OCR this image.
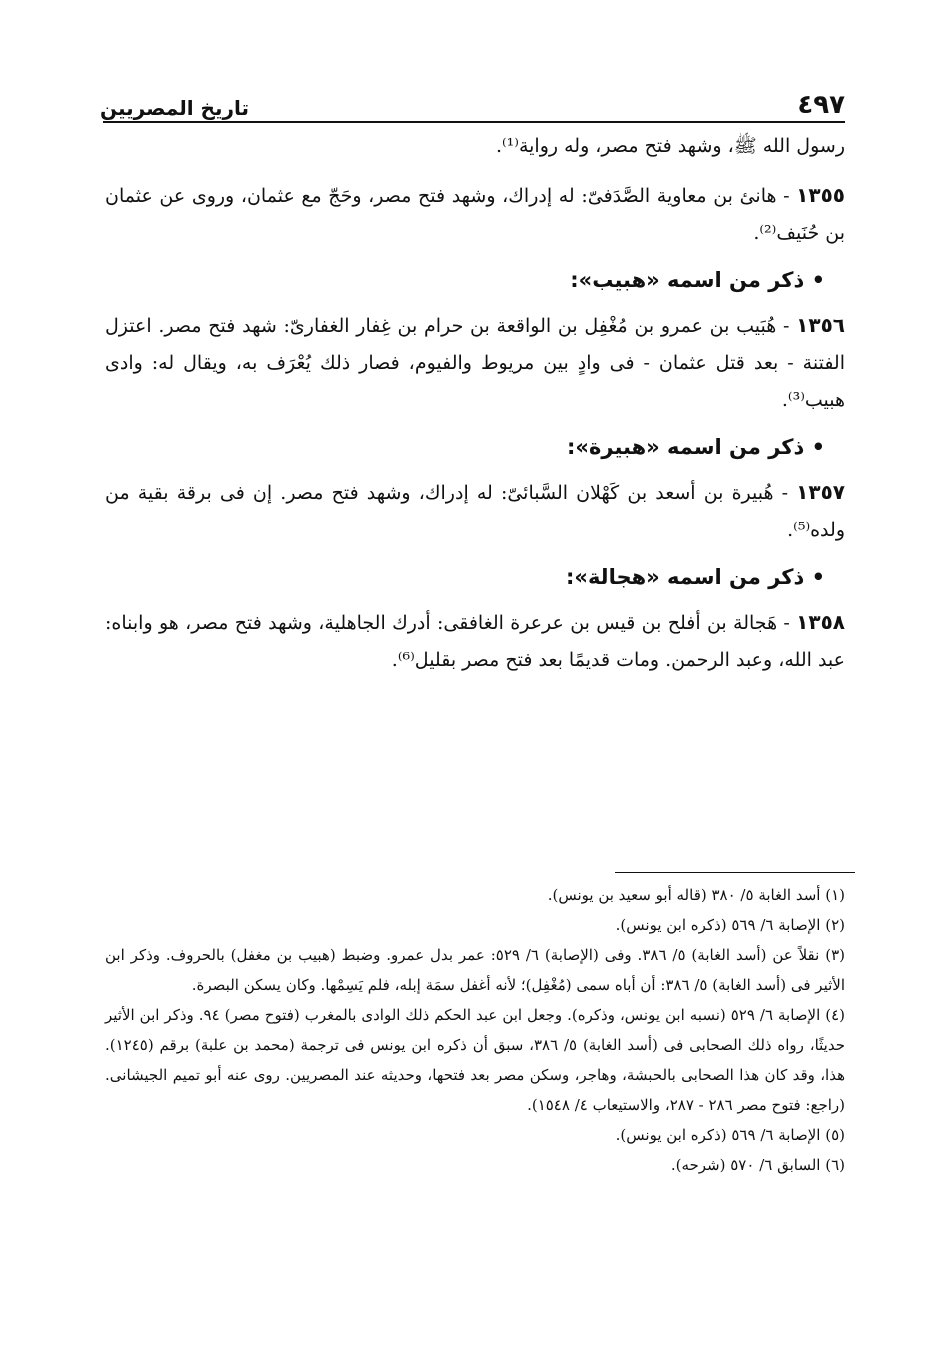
تاريخ المصريين	٤٩٧

رسول الله ﷺ، وشهد فتح مصر، وله رواية⁽¹⁾.

١٣٥٥ - هانئ بن معاوية الصَّدَفىّ: له إدراك، وشهد فتح مصر، وحَجّ مع عثمان، وروى عن عثمان بن حُنَيف⁽²⁾.

• ذكر من اسمه «هبيب»:

١٣٥٦ - هُبَيب بن عمرو بن مُغْفِل بن الواقعة بن حرام بن غِفار الغفارىّ: شهد فتح مصر. اعتزل الفتنة - بعد قتل عثمان - فى وادٍ بين مريوط والفيوم، فصار ذلك يُعْرَف به، ويقال له: وادى هبيب⁽³⁾.

• ذكر من اسمه «هبيرة»:

١٣٥٧ - هُبيرة بن أسعد بن كَهْلان السَّبائىّ: له إدراك، وشهد فتح مصر. إن فى برقة بقية من ولده⁽⁵⁾.

• ذكر من اسمه «هجالة»:

١٣٥٨ - هَجالة بن أفلح بن قيس بن عرعرة الغافقى: أدرك الجاهلية، وشهد فتح مصر، هو وابناه: عبد الله، وعبد الرحمن. ومات قديمًا بعد فتح مصر بقليل⁽⁶⁾.

(١) أسد الغابة ٥/ ٣٨٠ (قاله أبو سعيد بن يونس).

(٢) الإصابة ٦/ ٥٦٩ (ذكره ابن يونس).

(٣) نقلاً عن (أسد الغابة) ٥/ ٣٨٦. وفى (الإصابة) ٦/ ٥٢٩: عمر بدل عمرو. وضبط (هبيب بن مغفل) بالحروف. وذكر ابن الأثير فى (أسد الغابة) ٥/ ٣٨٦: أن أباه سمى (مُغْفِل)؛ لأنه أغفل سمَة إبله، فلم يَسِمْها. وكان يسكن البصرة.

(٤) الإصابة ٦/ ٥٢٩ (نسبه ابن يونس، وذكره). وجعل ابن عبد الحكم ذلك الوادى بالمغرب (فتوح مصر) ٩٤. وذكر ابن الأثير حديثًا، رواه ذلك الصحابى فى (أسد الغابة) ٥/ ٣٨٦، سبق أن ذكره ابن يونس فى ترجمة (محمد بن علبة) برقم (١٢٤٥). هذا، وقد كان هذا الصحابى بالحبشة، وهاجر، وسكن مصر بعد فتحها، وحديثه عند المصريين. روى عنه أبو تميم الجيشانى. (راجع: فتوح مصر ٢٨٦ - ٢٨٧، والاستيعاب ٤/ ١٥٤٨).

(٥) الإصابة ٦/ ٥٦٩ (ذكره ابن يونس).

(٦) السابق ٦/ ٥٧٠ (شرحه).
